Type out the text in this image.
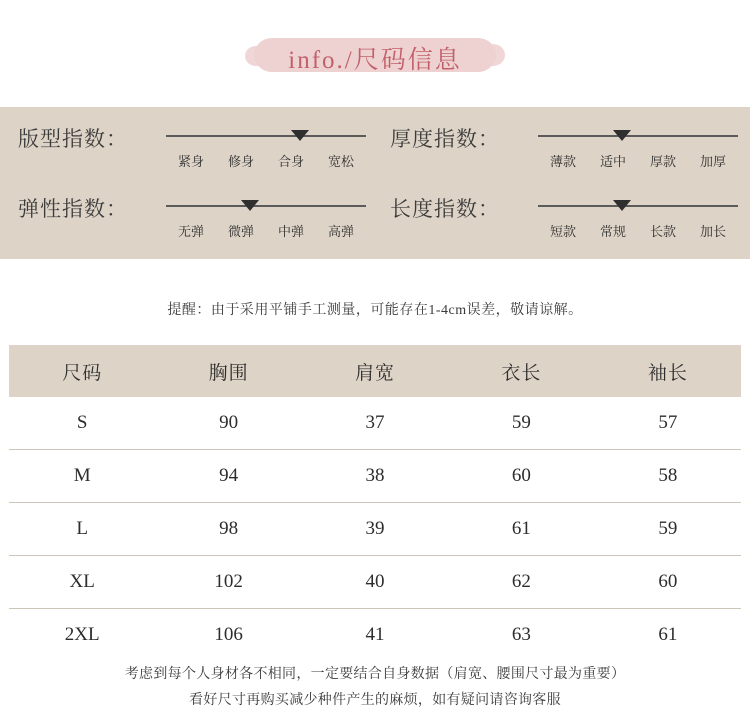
info./尺码信息
版型指数：
紧身	修身	合身	宽松
厚度指数：
薄款	适中	厚款	加厚
弹性指数：
无弹	微弹	中弹	高弹
长度指数：
短款	常规	长款	加长
提醒：由于采用平铺手工测量，可能存在1-4cm误差，敬请谅解。
尺码	胸围	肩宽	衣长	袖长
S	90	37	59	57
M	94	38	60	58
L	98	39	61	59
XL	102	40	62	60
2XL	106	41	63	61
考虑到每个人身材各不相同，一定要结合自身数据（肩宽、腰围尺寸最为重要）
看好尺寸再购买减少种件产生的麻烦，如有疑问请咨询客服
